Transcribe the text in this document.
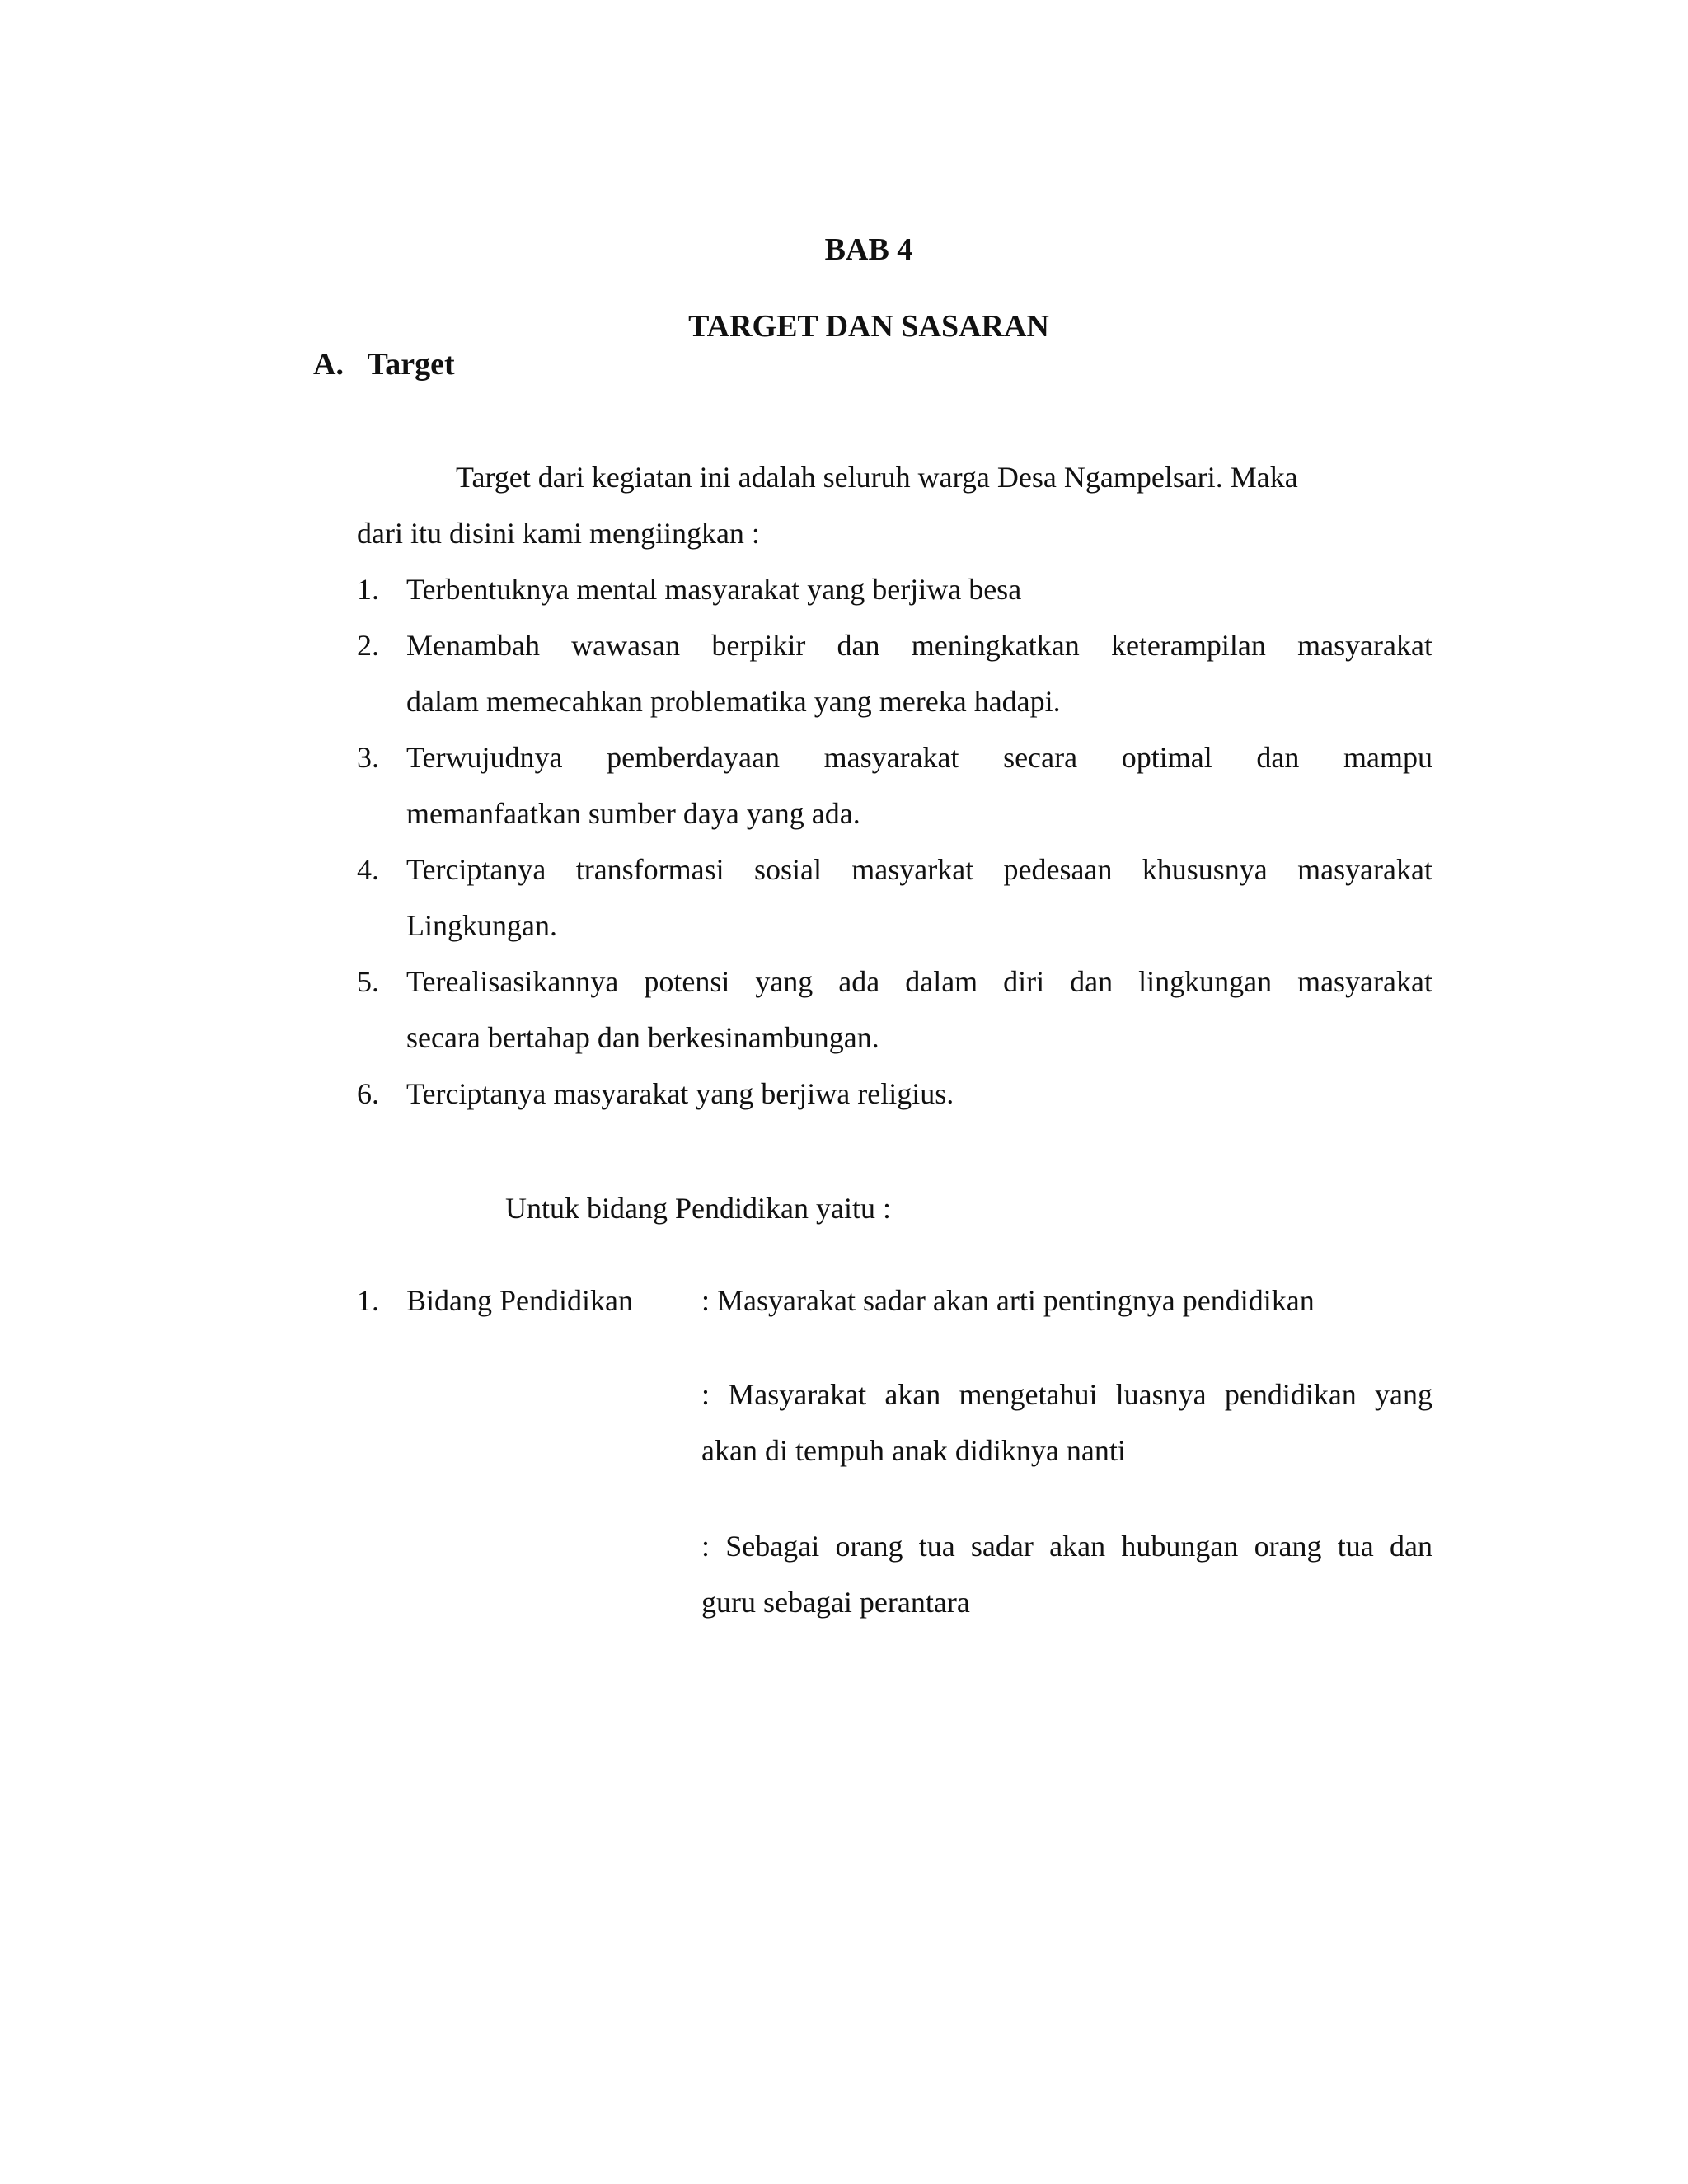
BAB 4
TARGET DAN SASARAN
A. Target
Target dari kegiatan ini adalah seluruh warga Desa Ngampelsari. Maka
dari itu disini kami mengiingkan :
1. Terbentuknya mental masyarakat yang berjiwa besa
2. Menambah wawasan berpikir dan meningkatkan keterampilan masyarakat
dalam memecahkan problematika yang mereka hadapi.
3. Terwujudnya pemberdayaan masyarakat secara optimal dan mampu
memanfaatkan sumber daya yang ada.
4. Terciptanya transformasi sosial masyarkat pedesaan khususnya masyarakat
Lingkungan.
5. Terealisasikannya potensi yang ada dalam diri dan lingkungan masyarakat
secara bertahap dan berkesinambungan.
6. Terciptanya masyarakat yang berjiwa religius.
Untuk bidang Pendidikan yaitu :
1. Bidang Pendidikan : Masyarakat sadar akan arti pentingnya pendidikan
: Masyarakat akan mengetahui luasnya pendidikan yang
akan di tempuh anak didiknya nanti
: Sebagai orang tua sadar akan hubungan orang tua dan
guru sebagai perantara
